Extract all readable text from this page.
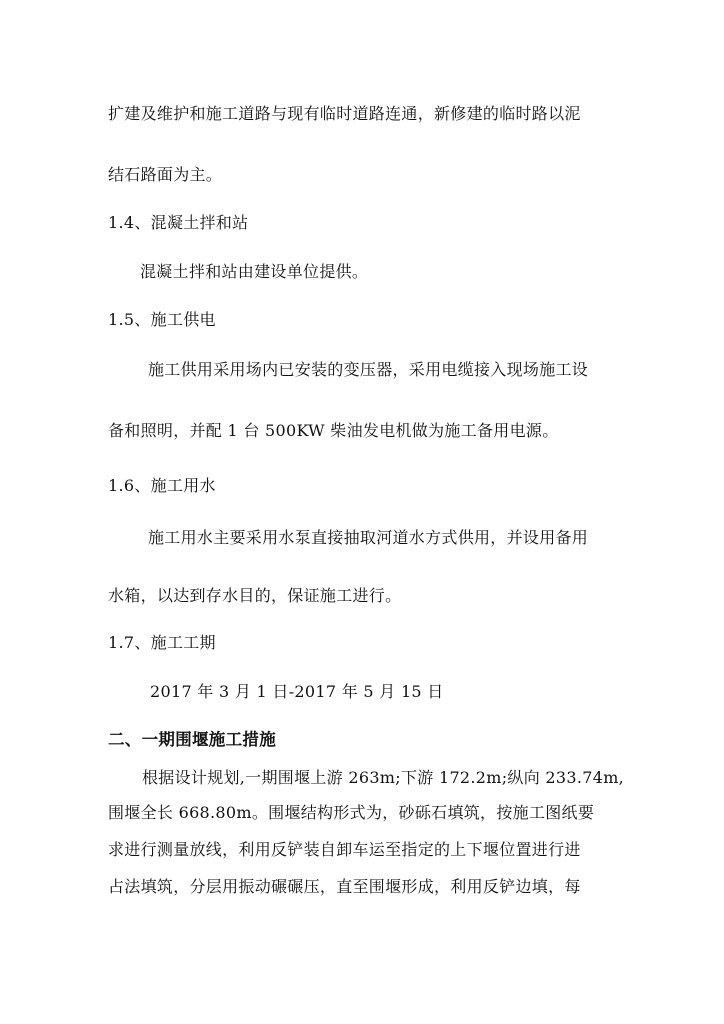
扩建及维护和施工道路与现有临时道路连通，新修建的临时路以泥
结石路面为主。
1.4、混凝土拌和站
混凝土拌和站由建设单位提供。
1.5、施工供电
施工供用采用场内已安装的变压器，采用电缆接入现场施工设
备和照明，并配 1 台 500KW 柴油发电机做为施工备用电源。
1.6、施工用水
施工用水主要采用水泵直接抽取河道水方式供用，并设用备用
水箱，以达到存水目的，保证施工进行。
1.7、施工工期
2017 年 3 月 1 日-2017 年 5 月 15 日
二、一期围堰施工措施
根据设计规划,一期围堰上游 263m;下游 172.2m;纵向 233.74m,
围堰全长 668.80m。围堰结构形式为，砂砾石填筑，按施工图纸要
求进行测量放线，利用反铲装自卸车运至指定的上下堰位置进行进
占法填筑，分层用振动碾碾压，直至围堰形成，利用反铲边填，每
